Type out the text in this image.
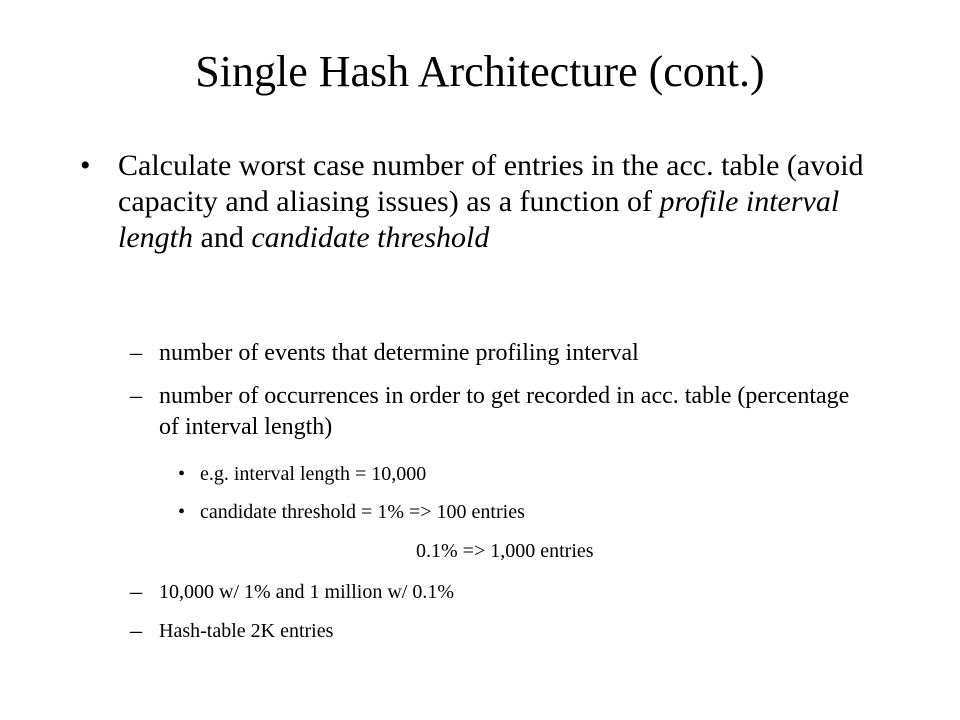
Single Hash Architecture (cont.)
• Calculate worst case number of entries in the acc. table (avoid capacity and aliasing issues) as a function of profile interval length and candidate threshold
– number of events that determine profiling interval
– number of occurrences in order to get recorded in acc. table (percentage of interval length)
• e.g. interval length = 10,000
• candidate threshold = 1% => 100 entries
0.1% => 1,000 entries
– 10,000 w/ 1% and 1 million w/ 0.1%
– Hash-table 2K entries
